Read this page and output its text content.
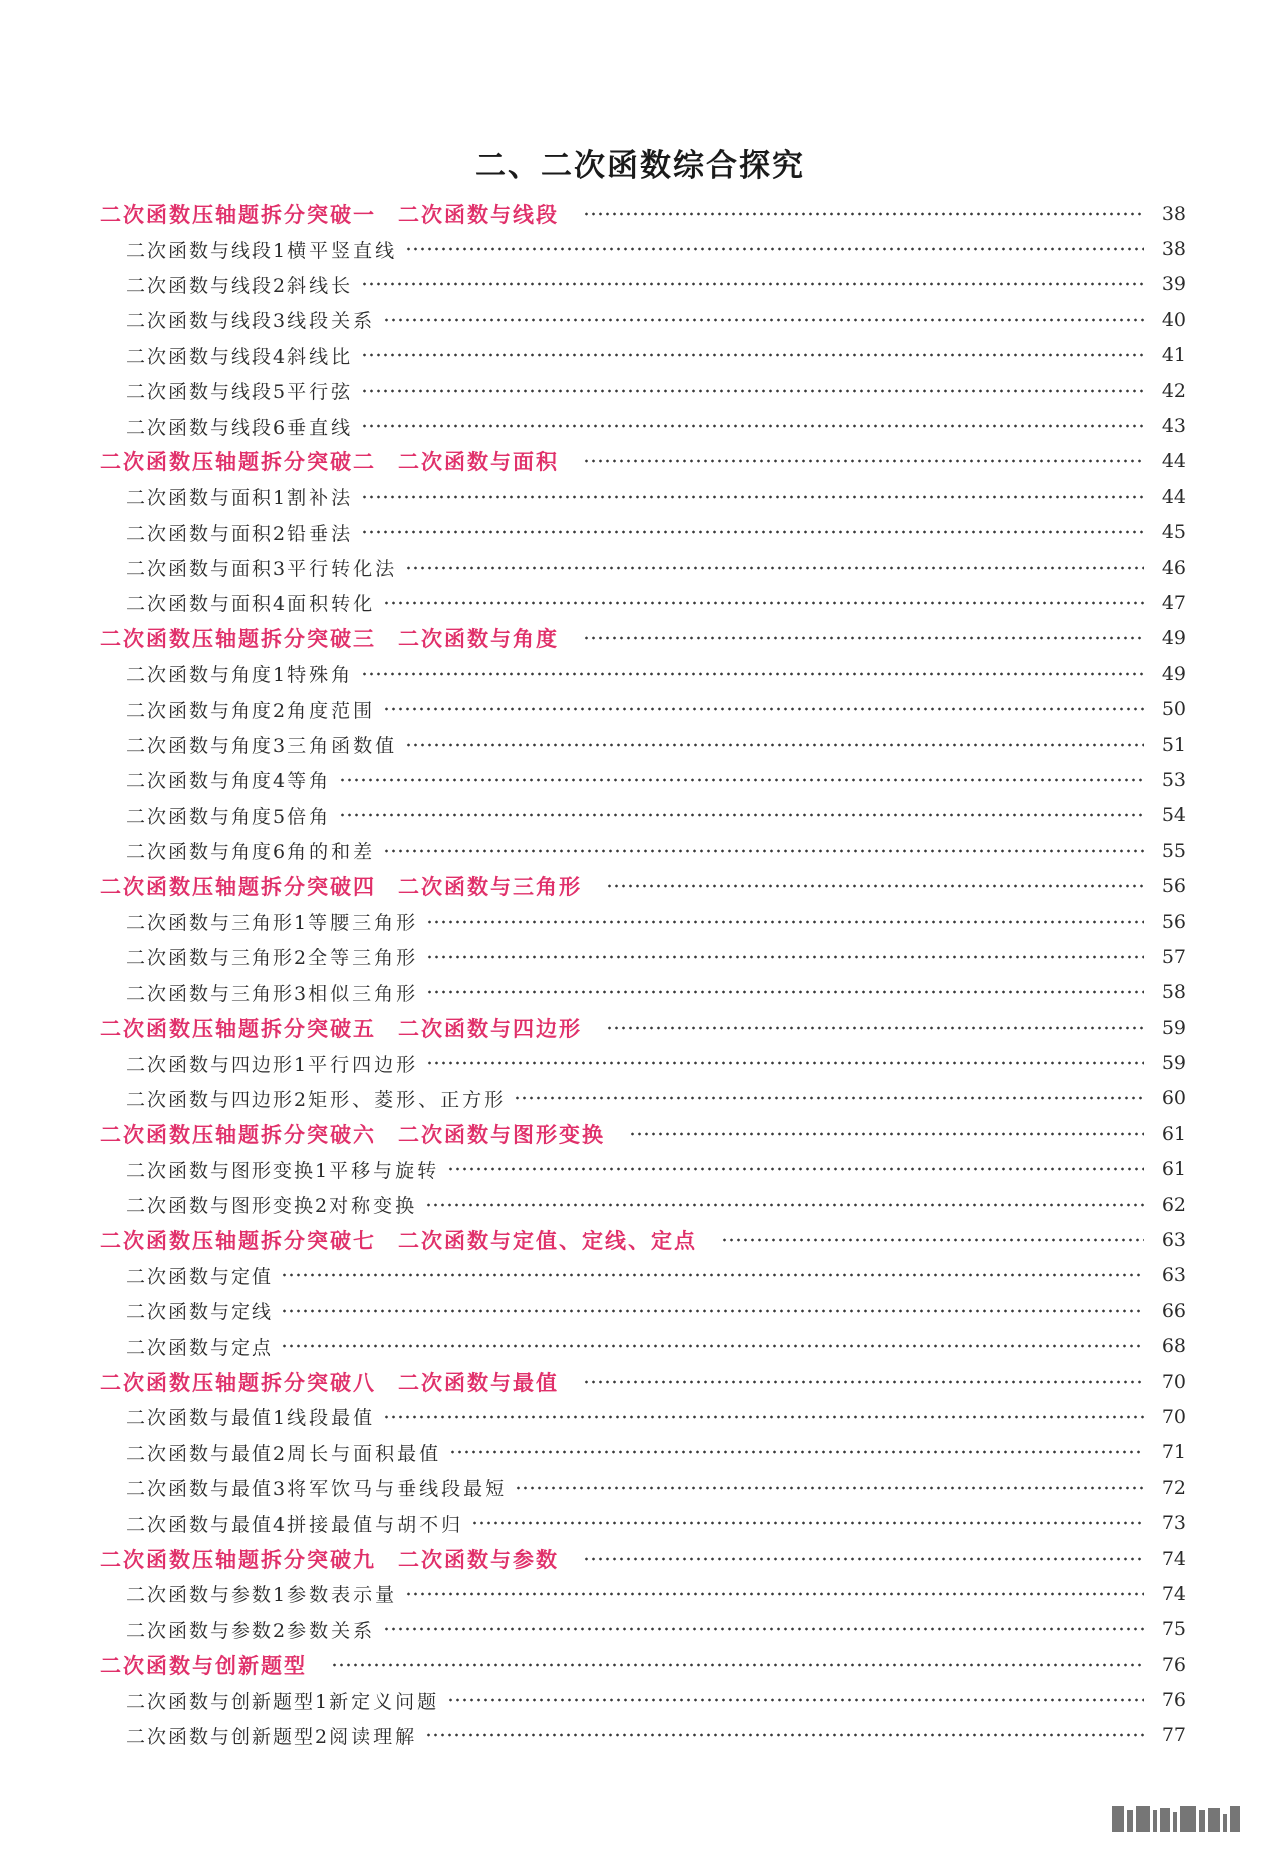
二、二次函数综合探究
二次函数压轴题拆分突破一 二次函数与线段	38
二次函数与线段1 横平竖直线	38
二次函数与线段2 斜线长	39
二次函数与线段3 线段关系	40
二次函数与线段4 斜线比	41
二次函数与线段5 平行弦	42
二次函数与线段6 垂直线	43
二次函数压轴题拆分突破二 二次函数与面积	44
二次函数与面积1 割补法	44
二次函数与面积2 铅垂法	45
二次函数与面积3 平行转化法	46
二次函数与面积4 面积转化	47
二次函数压轴题拆分突破三 二次函数与角度	49
二次函数与角度1 特殊角	49
二次函数与角度2 角度范围	50
二次函数与角度3 三角函数值	51
二次函数与角度4 等角	53
二次函数与角度5 倍角	54
二次函数与角度6 角的和差	55
二次函数压轴题拆分突破四 二次函数与三角形	56
二次函数与三角形1 等腰三角形	56
二次函数与三角形2 全等三角形	57
二次函数与三角形3 相似三角形	58
二次函数压轴题拆分突破五 二次函数与四边形	59
二次函数与四边形1 平行四边形	59
二次函数与四边形2 矩形、菱形、正方形	60
二次函数压轴题拆分突破六 二次函数与图形变换	61
二次函数与图形变换1 平移与旋转	61
二次函数与图形变换2 对称变换	62
二次函数压轴题拆分突破七 二次函数与定值、定线、定点	63
二次函数与定值	63
二次函数与定线	66
二次函数与定点	68
二次函数压轴题拆分突破八 二次函数与最值	70
二次函数与最值1 线段最值	70
二次函数与最值2 周长与面积最值	71
二次函数与最值3 将军饮马与垂线段最短	72
二次函数与最值4 拼接最值与胡不归	73
二次函数压轴题拆分突破九 二次函数与参数	74
二次函数与参数1 参数表示量	74
二次函数与参数2 参数关系	75
二次函数与创新题型	76
二次函数与创新题型1 新定义问题	76
二次函数与创新题型2 阅读理解	77
